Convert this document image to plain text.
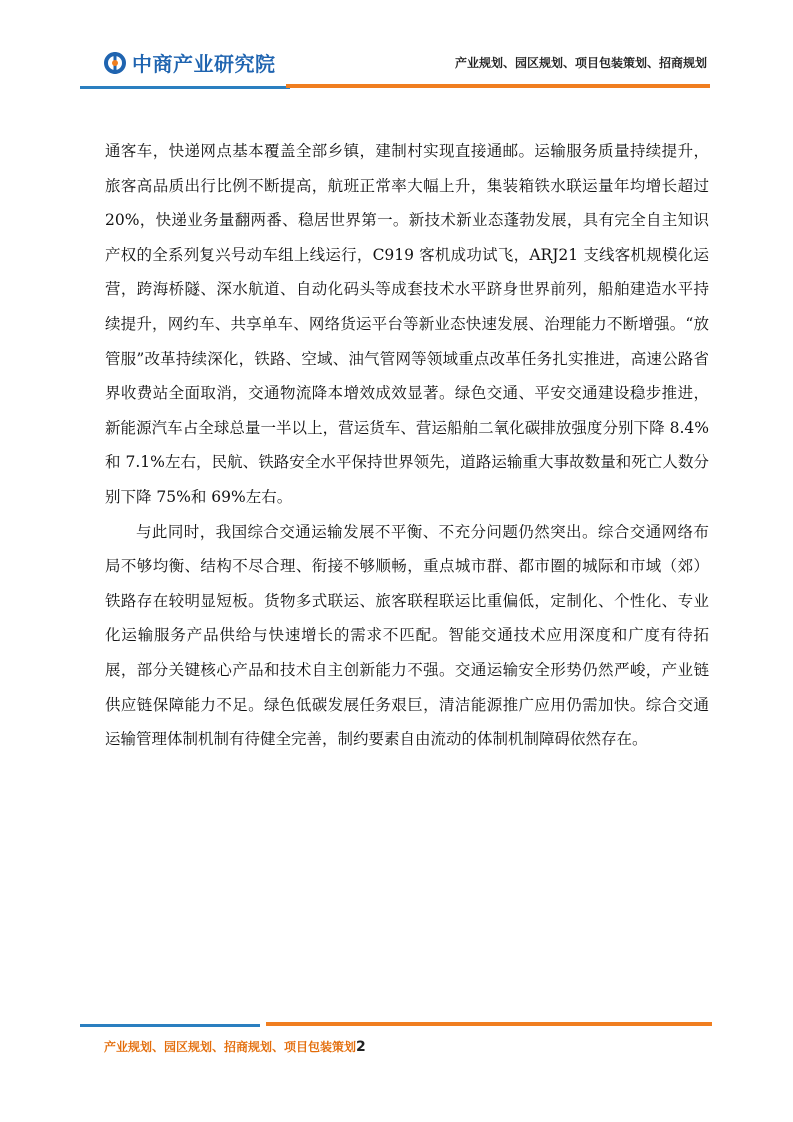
中商产业研究院	产业规划、园区规划、项目包装策划、招商规划

通客车，快递网点基本覆盖全部乡镇，建制村实现直接通邮。运输服务质量持续提升，旅客高品质出行比例不断提高，航班正常率大幅上升，集装箱铁水联运量年均增长超过 20%，快递业务量翻两番、稳居世界第一。新技术新业态蓬勃发展，具有完全自主知识产权的全系列复兴号动车组上线运行，C919 客机成功试飞，ARJ21 支线客机规模化运营，跨海桥隧、深水航道、自动化码头等成套技术水平跻身世界前列，船舶建造水平持续提升，网约车、共享单车、网络货运平台等新业态快速发展、治理能力不断增强。“放管服”改革持续深化，铁路、空域、油气管网等领域重点改革任务扎实推进，高速公路省界收费站全面取消，交通物流降本增效成效显著。绿色交通、平安交通建设稳步推进，新能源汽车占全球总量一半以上，营运货车、营运船舶二氧化碳排放强度分别下降 8.4%和 7.1%左右，民航、铁路安全水平保持世界领先，道路运输重大事故数量和死亡人数分别下降 75%和 69%左右。

与此同时，我国综合交通运输发展不平衡、不充分问题仍然突出。综合交通网络布局不够均衡、结构不尽合理、衔接不够顺畅，重点城市群、都市圈的城际和市域（郊）铁路存在较明显短板。货物多式联运、旅客联程联运比重偏低，定制化、个性化、专业化运输服务产品供给与快速增长的需求不匹配。智能交通技术应用深度和广度有待拓展，部分关键核心产品和技术自主创新能力不强。交通运输安全形势仍然严峻，产业链供应链保障能力不足。绿色低碳发展任务艰巨，清洁能源推广应用仍需加快。综合交通运输管理体制机制有待健全完善，制约要素自由流动的体制机制障碍依然存在。

产业规划、园区规划、招商规划、项目包装策划2
